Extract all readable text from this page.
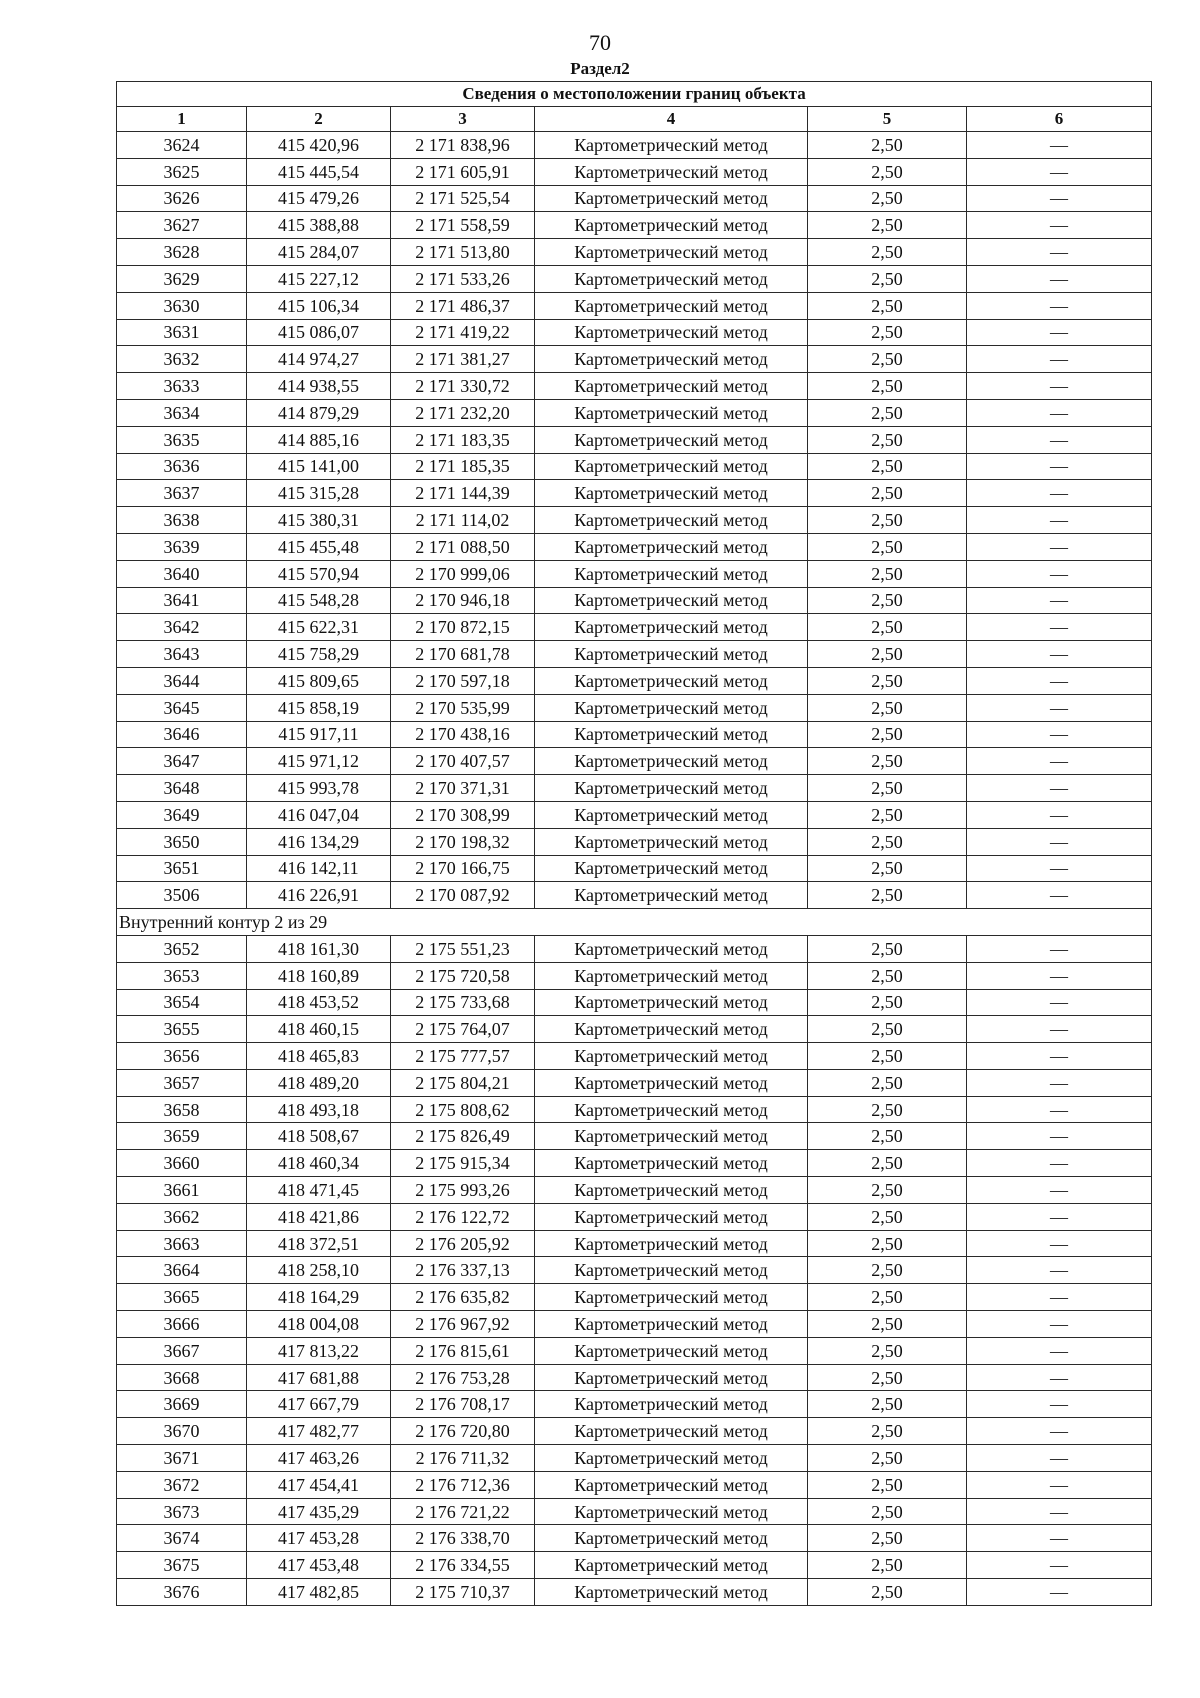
70
Раздел2
Сведения о местоположении границ объекта					
1	2	3	4	5	6
3624	415 420,96	2 171 838,96	Картометрический метод	2,50	—
3625	415 445,54	2 171 605,91	Картометрический метод	2,50	—
3626	415 479,26	2 171 525,54	Картометрический метод	2,50	—
3627	415 388,88	2 171 558,59	Картометрический метод	2,50	—
3628	415 284,07	2 171 513,80	Картометрический метод	2,50	—
3629	415 227,12	2 171 533,26	Картометрический метод	2,50	—
3630	415 106,34	2 171 486,37	Картометрический метод	2,50	—
3631	415 086,07	2 171 419,22	Картометрический метод	2,50	—
3632	414 974,27	2 171 381,27	Картометрический метод	2,50	—
3633	414 938,55	2 171 330,72	Картометрический метод	2,50	—
3634	414 879,29	2 171 232,20	Картометрический метод	2,50	—
3635	414 885,16	2 171 183,35	Картометрический метод	2,50	—
3636	415 141,00	2 171 185,35	Картометрический метод	2,50	—
3637	415 315,28	2 171 144,39	Картометрический метод	2,50	—
3638	415 380,31	2 171 114,02	Картометрический метод	2,50	—
3639	415 455,48	2 171 088,50	Картометрический метод	2,50	—
3640	415 570,94	2 170 999,06	Картометрический метод	2,50	—
3641	415 548,28	2 170 946,18	Картометрический метод	2,50	—
3642	415 622,31	2 170 872,15	Картометрический метод	2,50	—
3643	415 758,29	2 170 681,78	Картометрический метод	2,50	—
3644	415 809,65	2 170 597,18	Картометрический метод	2,50	—
3645	415 858,19	2 170 535,99	Картометрический метод	2,50	—
3646	415 917,11	2 170 438,16	Картометрический метод	2,50	—
3647	415 971,12	2 170 407,57	Картометрический метод	2,50	—
3648	415 993,78	2 170 371,31	Картометрический метод	2,50	—
3649	416 047,04	2 170 308,99	Картометрический метод	2,50	—
3650	416 134,29	2 170 198,32	Картометрический метод	2,50	—
3651	416 142,11	2 170 166,75	Картометрический метод	2,50	—
3506	416 226,91	2 170 087,92	Картометрический метод	2,50	—
Внутренний контур 2 из 29					
3652	418 161,30	2 175 551,23	Картометрический метод	2,50	—
3653	418 160,89	2 175 720,58	Картометрический метод	2,50	—
3654	418 453,52	2 175 733,68	Картометрический метод	2,50	—
3655	418 460,15	2 175 764,07	Картометрический метод	2,50	—
3656	418 465,83	2 175 777,57	Картометрический метод	2,50	—
3657	418 489,20	2 175 804,21	Картометрический метод	2,50	—
3658	418 493,18	2 175 808,62	Картометрический метод	2,50	—
3659	418 508,67	2 175 826,49	Картометрический метод	2,50	—
3660	418 460,34	2 175 915,34	Картометрический метод	2,50	—
3661	418 471,45	2 175 993,26	Картометрический метод	2,50	—
3662	418 421,86	2 176 122,72	Картометрический метод	2,50	—
3663	418 372,51	2 176 205,92	Картометрический метод	2,50	—
3664	418 258,10	2 176 337,13	Картометрический метод	2,50	—
3665	418 164,29	2 176 635,82	Картометрический метод	2,50	—
3666	418 004,08	2 176 967,92	Картометрический метод	2,50	—
3667	417 813,22	2 176 815,61	Картометрический метод	2,50	—
3668	417 681,88	2 176 753,28	Картометрический метод	2,50	—
3669	417 667,79	2 176 708,17	Картометрический метод	2,50	—
3670	417 482,77	2 176 720,80	Картометрический метод	2,50	—
3671	417 463,26	2 176 711,32	Картометрический метод	2,50	—
3672	417 454,41	2 176 712,36	Картометрический метод	2,50	—
3673	417 435,29	2 176 721,22	Картометрический метод	2,50	—
3674	417 453,28	2 176 338,70	Картометрический метод	2,50	—
3675	417 453,48	2 176 334,55	Картометрический метод	2,50	—
3676	417 482,85	2 175 710,37	Картометрический метод	2,50	—
